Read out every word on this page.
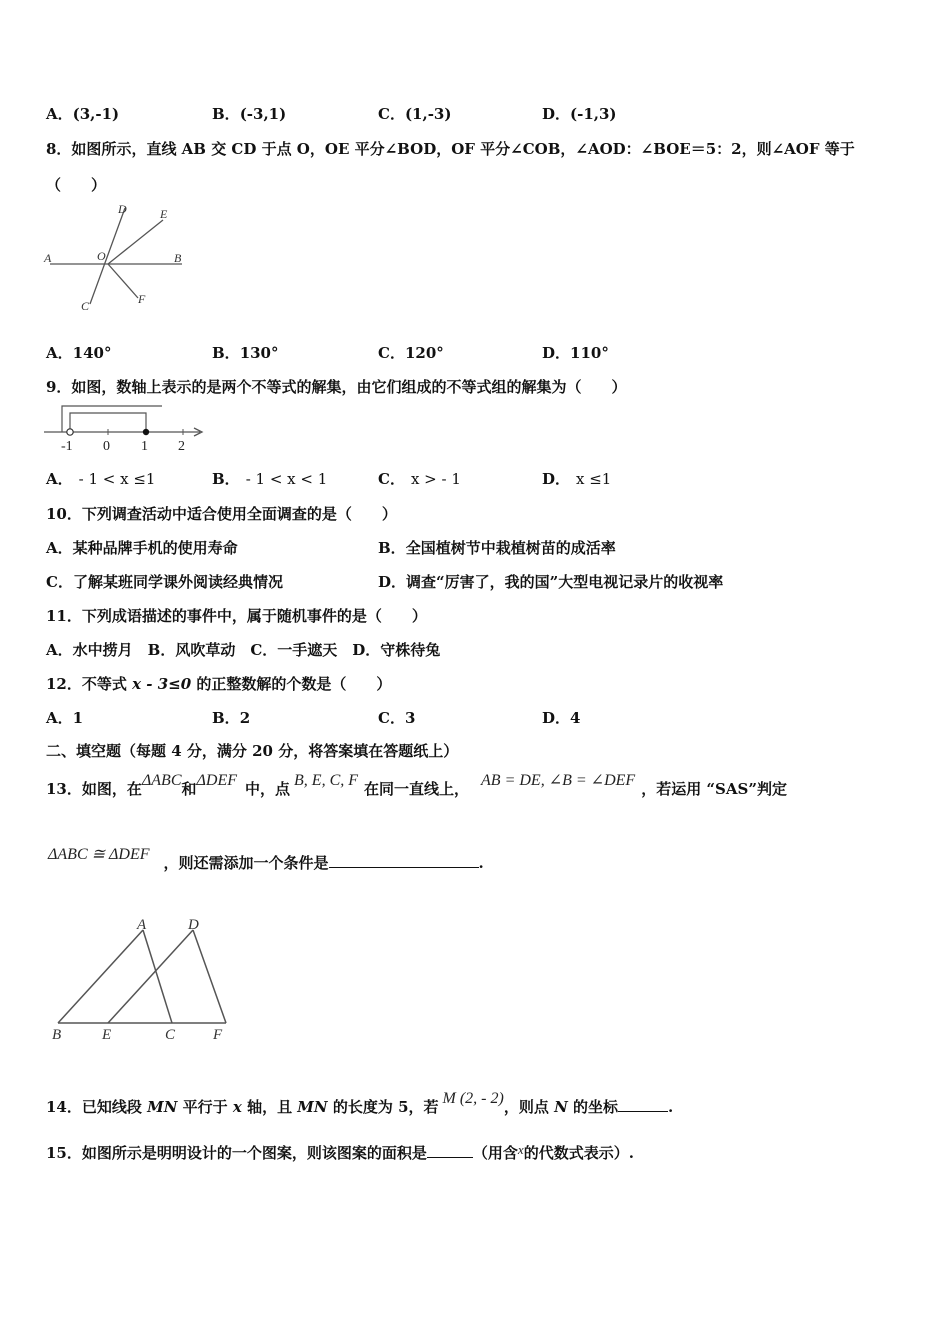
A．(3,-1)	B．(-3,1)	C．(1,-3)	D．(-1,3)
8．如图所示，直线 AB 交 CD 于点 O，OE 平分∠BOD，OF 平分∠COB，∠AOD：∠BOE＝5：2，则∠AOF 等于
（　　）
A	B
C
D	E
F
O
A．140°	B．130°	C．120°	D．110°
9．如图，数轴上表示的是两个不等式的解集，由它们组成的不等式组的解集为（　　）
-1 0 1 2
A． - 1 < x ≤1	B． - 1 < x < 1	C． x > - 1	D． x ≤1
10．下列调查活动中适合使用全面调查的是（　　）
A．某种品牌手机的使用寿命	B．全国植树节中栽植树苗的成活率
C．了解某班同学课外阅读经典情况	D．调查“厉害了，我的国”大型电视记录片的收视率
11．下列成语描述的事件中，属于随机事件的是（　　）
A．水中捞月　B．风吹草动　C．一手遮天　D．守株待兔
12．不等式 x - 3≤0 的正整数解的个数是（　　）
A．1	B．2	C．3	D．4
二、填空题（每题 4 分，满分 20 分，将答案填在答题纸上）
13．如图，在ΔABC和ΔDEF 中，点 B, E, C, F 在同一直线上， AB = DE, ∠B = ∠DEF ，若运用 “SAS”判定
ΔABC ≅ ΔDEF ，则还需添加一个条件是	.
A	D
B	E	C	F
14．已知线段 MN 平行于 x 轴，且 MN 的长度为 5，若 M (2, - 2)，则点 N 的坐标	.
15．如图所示是明明设计的一个图案，则该图案的面积是	（用含x的代数式表示）.
